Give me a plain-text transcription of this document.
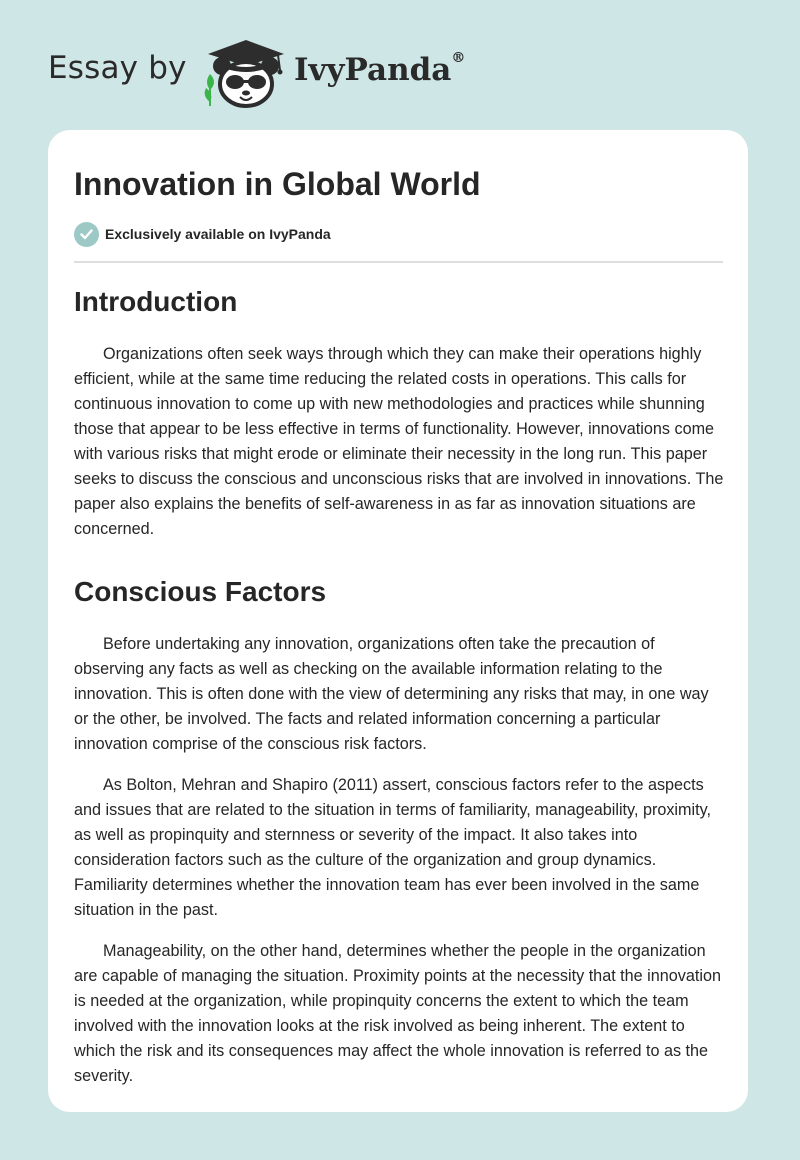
Essay by	IvyPanda®
Innovation in Global World
Exclusively available on IvyPanda
Introduction

Organizations often seek ways through which they can make their operations highly efficient, while at the same time reducing the related costs in operations. This calls for continuous innovation to come up with new methodologies and practices while shunning those that appear to be less effective in terms of functionality. However, innovations come with various risks that might erode or eliminate their necessity in the long run. This paper seeks to discuss the conscious and unconscious risks that are involved in innovations. The paper also explains the benefits of self-awareness in as far as innovation situations are concerned.

Conscious Factors

Before undertaking any innovation, organizations often take the precaution of observing any facts as well as checking on the available information relating to the innovation. This is often done with the view of determining any risks that may, in one way or the other, be involved. The facts and related information concerning a particular innovation comprise of the conscious risk factors.

As Bolton, Mehran and Shapiro (2011) assert, conscious factors refer to the aspects and issues that are related to the situation in terms of familiarity, manageability, proximity, as well as propinquity and sternness or severity of the impact. It also takes into consideration factors such as the culture of the organization and group dynamics. Familiarity determines whether the innovation team has ever been involved in the same situation in the past.

Manageability, on the other hand, determines whether the people in the organization are capable of managing the situation. Proximity points at the necessity that the innovation is needed at the organization, while propinquity concerns the extent to which the team involved with the innovation looks at the risk involved as being inherent. The extent to which the risk and its consequences may affect the whole innovation is referred to as the severity.
